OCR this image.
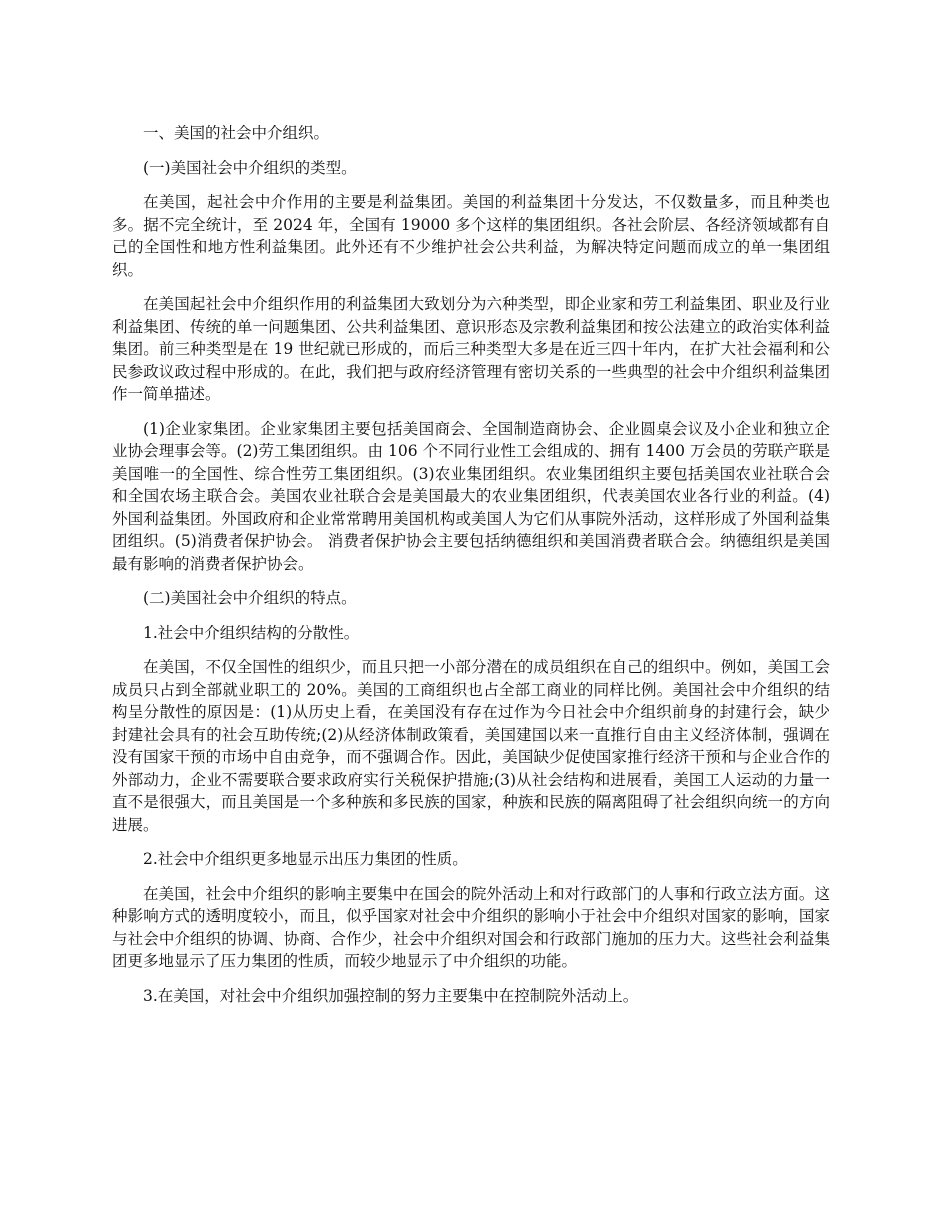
一、美国的社会中介组织。

(一)美国社会中介组织的类型。

在美国，起社会中介作用的主要是利益集团。美国的利益集团十分发达，不仅数量多，而且种类也多。据不完全统计，至 2024 年，全国有 19000 多个这样的集团组织。各社会阶层、各经济领域都有自己的全国性和地方性利益集团。此外还有不少维护社会公共利益，为解决特定问题而成立的单一集团组织。

在美国起社会中介组织作用的利益集团大致划分为六种类型，即企业家和劳工利益集团、职业及行业利益集团、传统的单一问题集团、公共利益集团、意识形态及宗教利益集团和按公法建立的政治实体利益集团。前三种类型是在 19 世纪就已形成的，而后三种类型大多是在近三四十年内，在扩大社会福利和公民参政议政过程中形成的。在此，我们把与政府经济管理有密切关系的一些典型的社会中介组织利益集团作一简单描述。

(1)企业家集团。企业家集团主要包括美国商会、全国制造商协会、企业圆桌会议及小企业和独立企业协会理事会等。(2)劳工集团组织。由 106 个不同行业性工会组成的、拥有 1400 万会员的劳联产联是美国唯一的全国性、综合性劳工集团组织。(3)农业集团组织。农业集团组织主要包括美国农业社联合会和全国农场主联合会。美国农业社联合会是美国最大的农业集团组织，代表美国农业各行业的利益。(4)外国利益集团。外国政府和企业常常聘用美国机构或美国人为它们从事院外活动，这样形成了外国利益集团组织。(5)消费者保护协会。 消费者保护协会主要包括纳德组织和美国消费者联合会。纳德组织是美国最有影响的消费者保护协会。

(二)美国社会中介组织的特点。

1.社会中介组织结构的分散性。

在美国，不仅全国性的组织少，而且只把一小部分潜在的成员组织在自己的组织中。例如，美国工会成员只占到全部就业职工的 20%。美国的工商组织也占全部工商业的同样比例。美国社会中介组织的结构呈分散性的原因是：(1)从历史上看，在美国没有存在过作为今日社会中介组织前身的封建行会，缺少封建社会具有的社会互助传统;(2)从经济体制政策看，美国建国以来一直推行自由主义经济体制，强调在没有国家干预的市场中自由竞争，而不强调合作。因此，美国缺少促使国家推行经济干预和与企业合作的外部动力，企业不需要联合要求政府实行关税保护措施;(3)从社会结构和进展看，美国工人运动的力量一直不是很强大，而且美国是一个多种族和多民族的国家，种族和民族的隔离阻碍了社会组织向统一的方向进展。

2.社会中介组织更多地显示出压力集团的性质。

在美国，社会中介组织的影响主要集中在国会的院外活动上和对行政部门的人事和行政立法方面。这种影响方式的透明度较小，而且，似乎国家对社会中介组织的影响小于社会中介组织对国家的影响，国家与社会中介组织的协调、协商、合作少，社会中介组织对国会和行政部门施加的压力大。这些社会利益集团更多地显示了压力集团的性质，而较少地显示了中介组织的功能。

3.在美国，对社会中介组织加强控制的努力主要集中在控制院外活动上。
